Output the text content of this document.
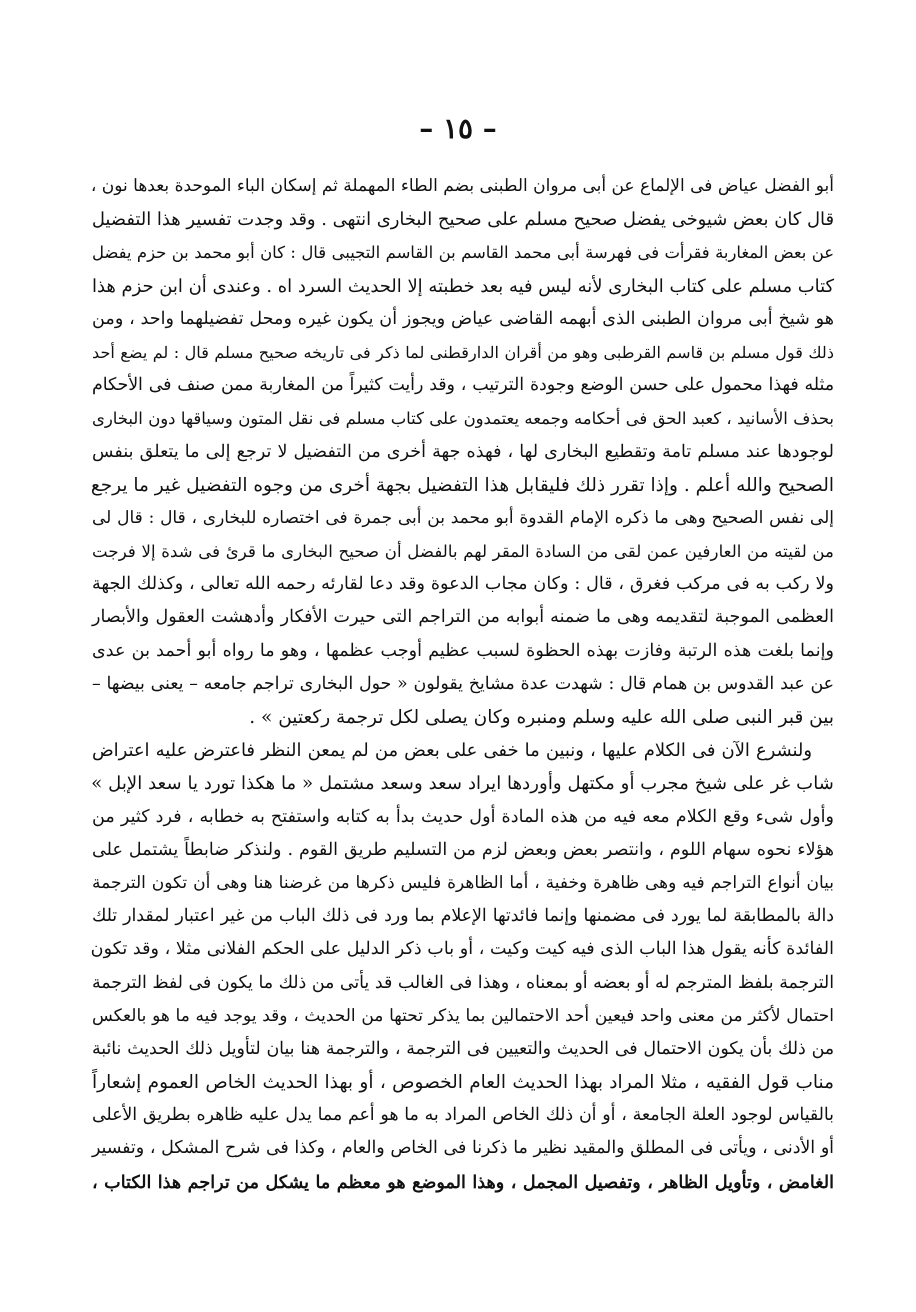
– ١٥ –
أبو الفضل عياض فى الإلماع عن أبى مروان الطبنى بضم الطاء المهملة ثم إسكان الباء الموحدة بعدها نون ،
قال كان بعض شيوخى يفضل صحيح مسلم على صحيح البخارى انتهى . وقد وجدت تفسير هذا التفضيل
عن بعض المغاربة فقرأت فى فهرسة أبى محمد القاسم بن القاسم التجيبى قال : كان أبو محمد بن حزم يفضل
كتاب مسلم على كتاب البخارى لأنه ليس فيه بعد خطبته إلا الحديث السرد اه . وعندى أن ابن حزم هذا
هو شيخ أبى مروان الطبنى الذى أبهمه القاضى عياض ويجوز أن يكون غيره ومحل تفضيلهما واحد ، ومن
ذلك قول مسلم بن قاسم القرطبى وهو من أقران الدارقطنى لما ذكر فى تاريخه صحيح مسلم قال : لم يضع أحد
مثله فهذا محمول على حسن الوضع وجودة الترتيب ، وقد رأيت كثيراً من المغاربة ممن صنف فى الأحكام
بحذف الأسانيد ، كعبد الحق فى أحكامه وجمعه يعتمدون على كتاب مسلم فى نقل المتون وسياقها دون البخارى
لوجودها عند مسلم تامة وتقطيع البخارى لها ، فهذه جهة أخرى من التفضيل لا ترجع إلى ما يتعلق بنفس
الصحيح والله أعلم . وإذا تقرر ذلك فليقابل هذا التفضيل بجهة أخرى من وجوه التفضيل غير ما يرجع
إلى نفس الصحيح وهى ما ذكره الإمام القدوة أبو محمد بن أبى جمرة فى اختصاره للبخارى ، قال : قال لى
من لقيته من العارفين عمن لقى من السادة المقر لهم بالفضل أن صحيح البخارى ما قرئ فى شدة إلا فرجت
ولا ركب به فى مركب فغرق ، قال : وكان مجاب الدعوة وقد دعا لقارئه رحمه الله تعالى ، وكذلك الجهة
العظمى الموجبة لتقديمه وهى ما ضمنه أبوابه من التراجم التى حيرت الأفكار وأدهشت العقول والأبصار
وإنما بلغت هذه الرتبة وفازت بهذه الحظوة لسبب عظيم أوجب عظمها ، وهو ما رواه أبو أحمد بن عدى
عن عبد القدوس بن همام قال : شهدت عدة مشايخ يقولون « حول البخارى تراجم جامعه – يعنى بيضها –
بين قبر النبى صلى الله عليه وسلم ومنبره وكان يصلى لكل ترجمة ركعتين » .
ولنشرع الآن فى الكلام عليها ، ونبين ما خفى على بعض من لم يمعن النظر فاعترض عليه اعتراض
شاب غر على شيخ مجرب أو مكتهل وأوردها ايراد سعد وسعد مشتمل « ما هكذا تورد يا سعد الإبل »
وأول شىء وقع الكلام معه فيه من هذه المادة أول حديث بدأ به كتابه واستفتح به خطابه ، فرد كثير من
هؤلاء نحوه سهام اللوم ، وانتصر بعض وبعض لزم من التسليم طريق القوم . ولنذكر ضابطاً يشتمل على
بيان أنواع التراجم فيه وهى ظاهرة وخفية ، أما الظاهرة فليس ذكرها من غرضنا هنا وهى أن تكون الترجمة
دالة بالمطابقة لما يورد فى مضمنها وإنما فائدتها الإعلام بما ورد فى ذلك الباب من غير اعتبار لمقدار تلك
الفائدة كأنه يقول هذا الباب الذى فيه كيت وكيت ، أو باب ذكر الدليل على الحكم الفلانى مثلا ، وقد تكون
الترجمة بلفظ المترجم له أو بعضه أو بمعناه ، وهذا فى الغالب قد يأتى من ذلك ما يكون فى لفظ الترجمة
احتمال لأكثر من معنى واحد فيعين أحد الاحتمالين بما يذكر تحتها من الحديث ، وقد يوجد فيه ما هو بالعكس
من ذلك بأن يكون الاحتمال فى الحديث والتعيين فى الترجمة ، والترجمة هنا بيان لتأويل ذلك الحديث نائبة
مناب قول الفقيه ، مثلا المراد بهذا الحديث العام الخصوص ، أو بهذا الحديث الخاص العموم إشعاراً
بالقياس لوجود العلة الجامعة ، أو أن ذلك الخاص المراد به ما هو أعم مما يدل عليه ظاهره بطريق الأعلى
أو الأدنى ، ويأتى فى المطلق والمقيد نظير ما ذكرنا فى الخاص والعام ، وكذا فى شرح المشكل ، وتفسير
الغامض ، وتأويل الظاهر ، وتفصيل المجمل ، وهذا الموضع هو معظم ما يشكل من تراجم هذا الكتاب ،
